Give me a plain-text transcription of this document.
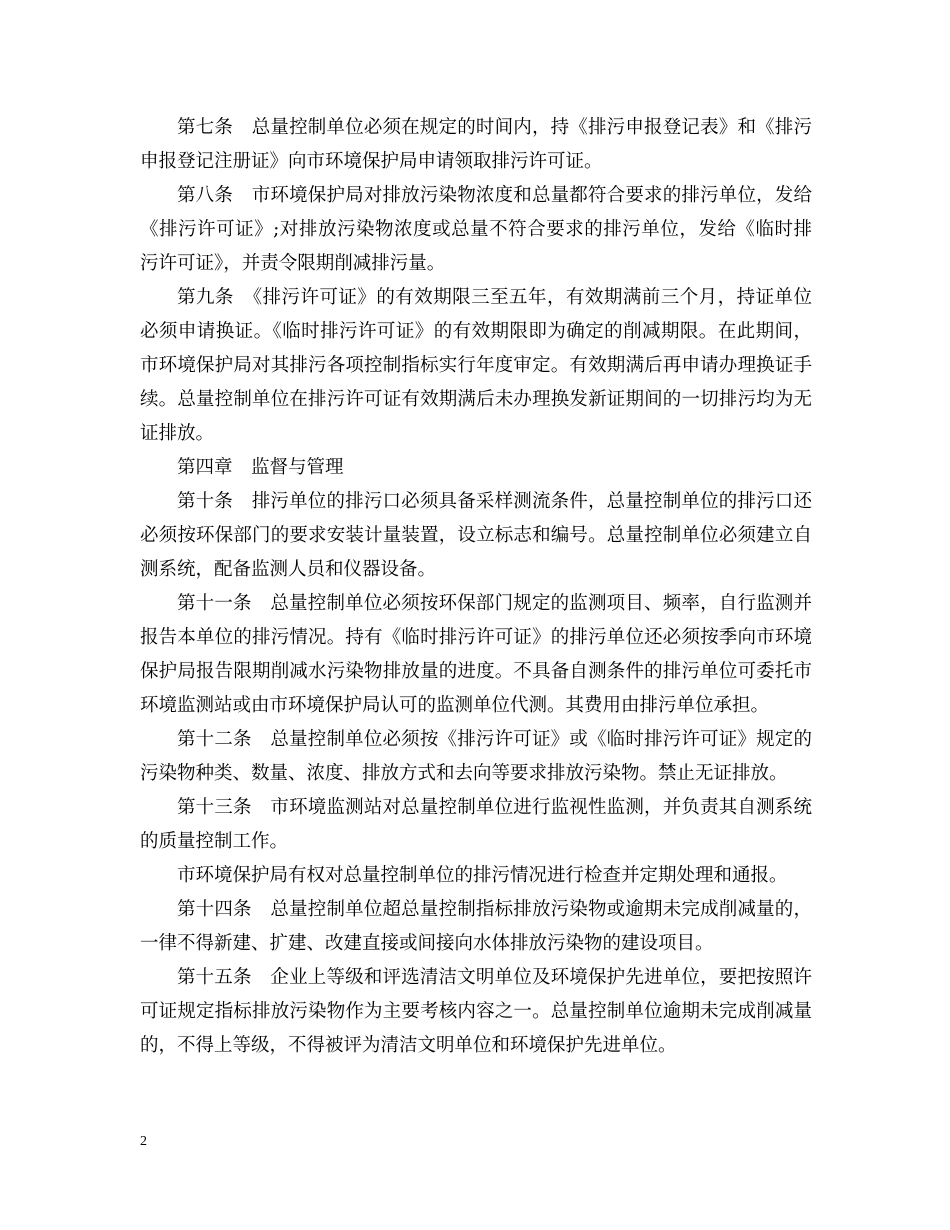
第七条　总量控制单位必须在规定的时间内，持《排污申报登记表》和《排污申报登记注册证》向市环境保护局申请领取排污许可证。

第八条　市环境保护局对排放污染物浓度和总量都符合要求的排污单位，发给《排污许可证》;对排放污染物浓度或总量不符合要求的排污单位，发给《临时排污许可证》，并责令限期削减排污量。

第九条　《排污许可证》的有效期限三至五年，有效期满前三个月，持证单位必须申请换证。《临时排污许可证》的有效期限即为确定的削减期限。在此期间，市环境保护局对其排污各项控制指标实行年度审定。有效期满后再申请办理换证手续。总量控制单位在排污许可证有效期满后未办理换发新证期间的一切排污均为无证排放。

第四章　监督与管理

第十条　排污单位的排污口必须具备采样测流条件，总量控制单位的排污口还必须按环保部门的要求安装计量装置，设立标志和编号。总量控制单位必须建立自测系统，配备监测人员和仪器设备。

第十一条　总量控制单位必须按环保部门规定的监测项目、频率，自行监测并报告本单位的排污情况。持有《临时排污许可证》的排污单位还必须按季向市环境保护局报告限期削减水污染物排放量的进度。不具备自测条件的排污单位可委托市环境监测站或由市环境保护局认可的监测单位代测。其费用由排污单位承担。

第十二条　总量控制单位必须按《排污许可证》或《临时排污许可证》规定的污染物种类、数量、浓度、排放方式和去向等要求排放污染物。禁止无证排放。

第十三条　市环境监测站对总量控制单位进行监视性监测，并负责其自测系统的质量控制工作。

市环境保护局有权对总量控制单位的排污情况进行检查并定期处理和通报。

第十四条　总量控制单位超总量控制指标排放污染物或逾期未完成削减量的，一律不得新建、扩建、改建直接或间接向水体排放污染物的建设项目。

第十五条　企业上等级和评选清洁文明单位及环境保护先进单位，要把按照许可证规定指标排放污染物作为主要考核内容之一。总量控制单位逾期未完成削减量的，不得上等级，不得被评为清洁文明单位和环境保护先进单位。

2
